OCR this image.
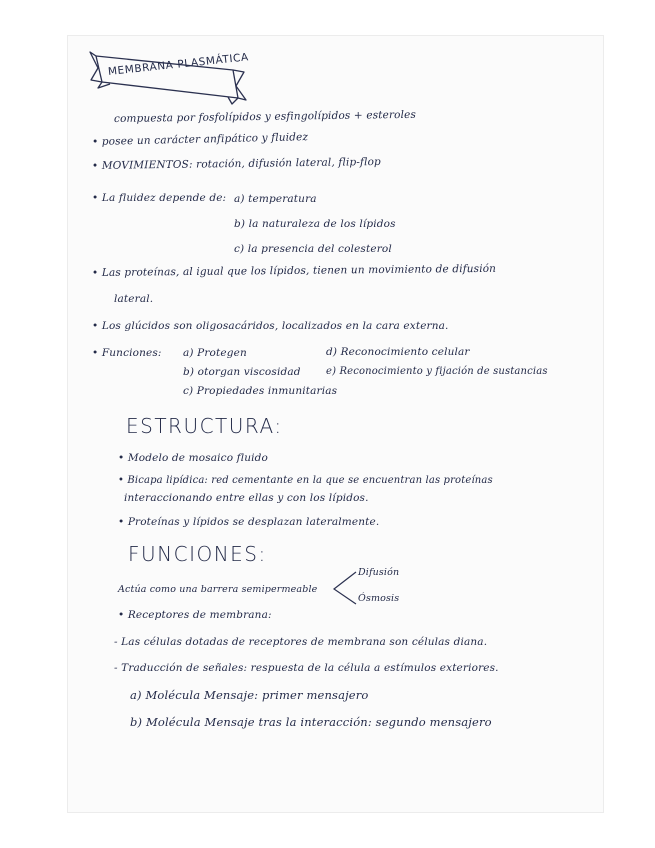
MEMBRANA PLASMÁTICA
compuesta por fosfolípidos y esfingolípidos + esteroles
• posee un carácter anfipático y fluidez
• MOVIMIENTOS: rotación, difusión lateral, flip-flop
• La fluidez depende de: a) temperatura
b) la naturaleza de los lípidos
c) la presencia del colesterol
• Las proteínas, al igual que los lípidos, tienen un movimiento de difusión
lateral.
• Los glúcidos son oligosacáridos, localizados en la cara externa.
• Funciones: a) Protegen
b) otorgan viscosidad
c) Propiedades inmunitarias
d) Reconocimiento celular
e) Reconocimiento y fijación de sustancias
ESTRUCTURA:
• Modelo de mosaico fluido
• Bicapa lipídica: red cementante en la que se encuentran las proteínas
interaccionando entre ellas y con los lípidos.
• Proteínas y lípidos se desplazan lateralmente.
FUNCIONES:
Actúa como una barrera semipermeable
Difusión
Ósmosis
• Receptores de membrana:
- Las células dotadas de receptores de membrana son células diana.
- Traducción de señales: respuesta de la célula a estímulos exteriores.
a) Molécula Mensaje: primer mensajero
b) Molécula Mensaje tras la interacción: segundo mensajero
